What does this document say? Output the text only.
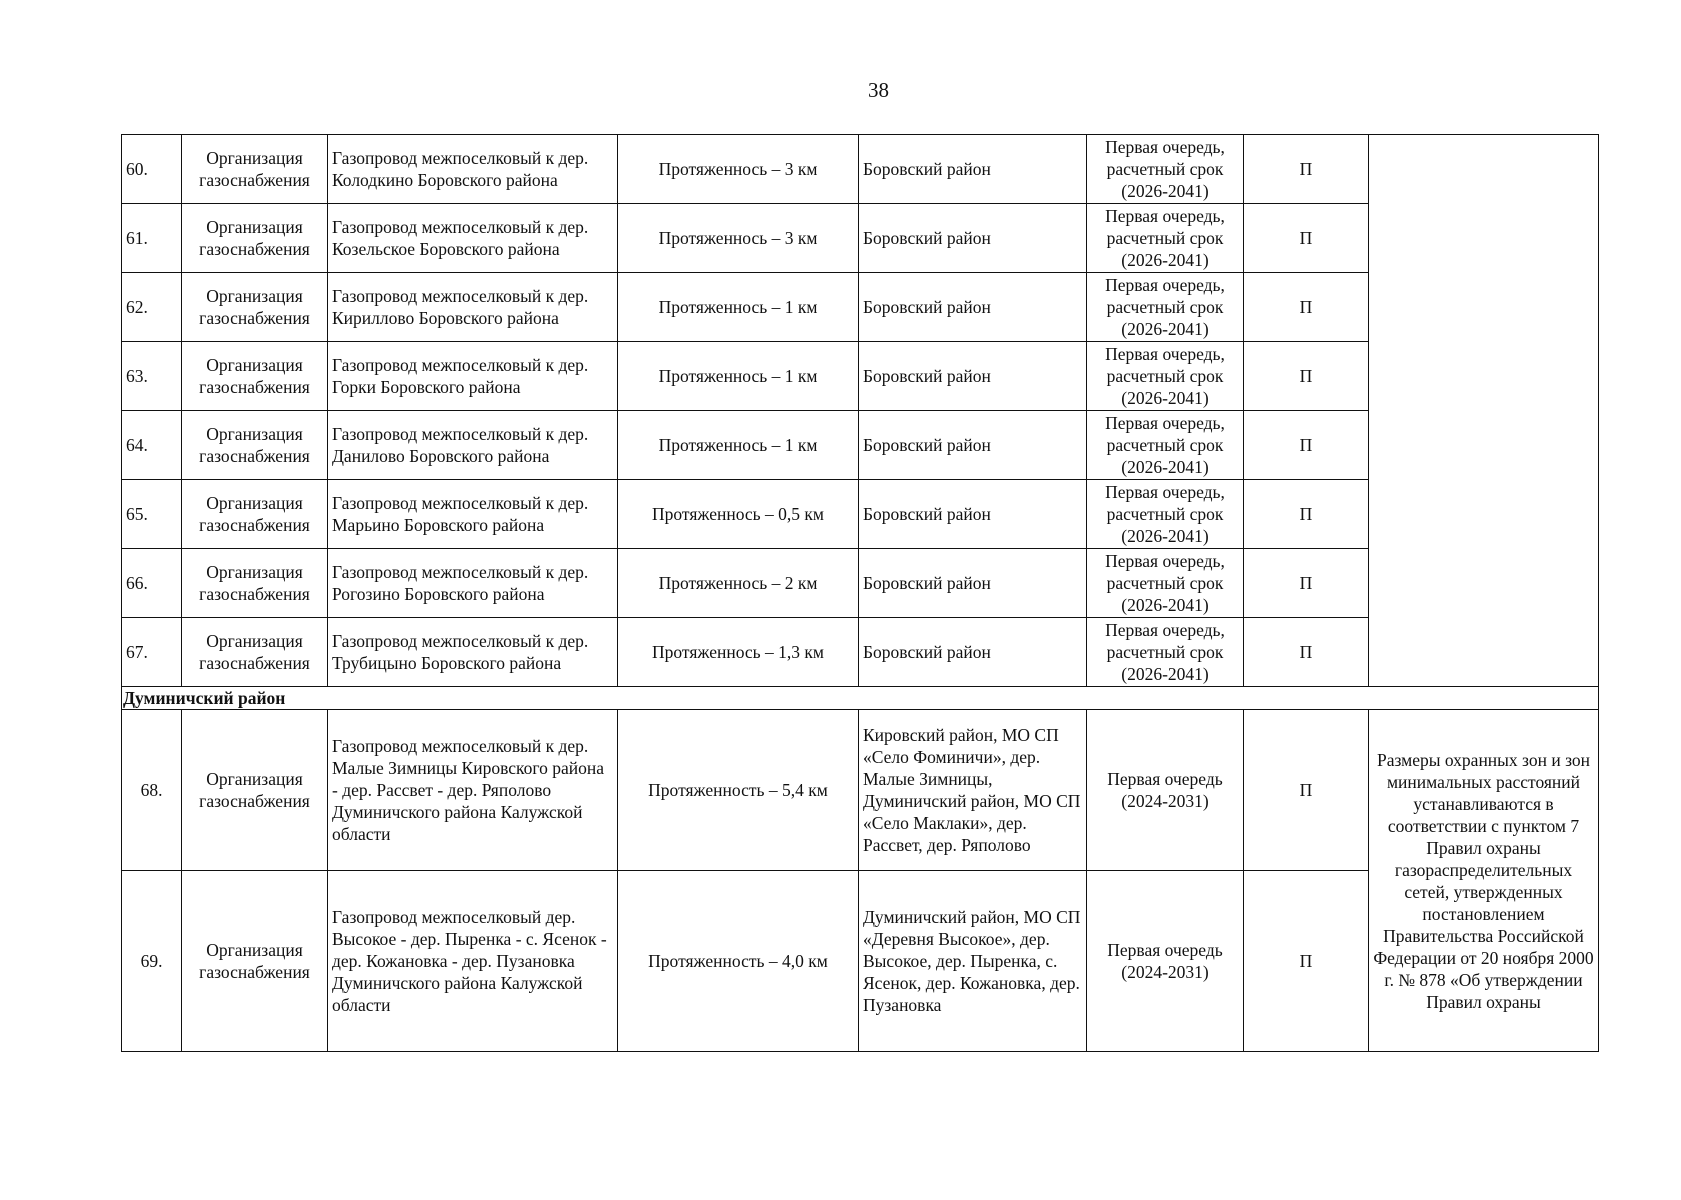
38
60.	Организация газоснабжения	Газопровод межпоселковый к дер. Колодкино Боровского района	Протяженнось – 3 км	Боровский район	Первая очередь, расчетный срок (2026-2041)	П	
61.	Организация газоснабжения	Газопровод межпоселковый к дер. Козельское Боровского района	Протяженнось – 3 км	Боровский район	Первая очередь, расчетный срок (2026-2041)	П	
62.	Организация газоснабжения	Газопровод межпоселковый к дер. Кириллово Боровского района	Протяженнось – 1 км	Боровский район	Первая очередь, расчетный срок (2026-2041)	П	
63.	Организация газоснабжения	Газопровод межпоселковый к дер. Горки Боровского района	Протяженнось – 1 км	Боровский район	Первая очередь, расчетный срок (2026-2041)	П	
64.	Организация газоснабжения	Газопровод межпоселковый к дер. Данилово Боровского района	Протяженнось – 1 км	Боровский район	Первая очередь, расчетный срок (2026-2041)	П	
65.	Организация газоснабжения	Газопровод межпоселковый к дер. Марьино Боровского района	Протяженнось – 0,5 км	Боровский район	Первая очередь, расчетный срок (2026-2041)	П	
66.	Организация газоснабжения	Газопровод межпоселковый к дер. Рогозино Боровского района	Протяженнось – 2 км	Боровский район	Первая очередь, расчетный срок (2026-2041)	П	
67.	Организация газоснабжения	Газопровод межпоселковый к дер. Трубицыно Боровского района	Протяженнось – 1,3 км	Боровский район	Первая очередь, расчетный срок (2026-2041)	П	
Думиничский район							
68.	Организация газоснабжения	Газопровод межпоселковый к дер. Малые Зимницы Кировского района - дер. Рассвет - дер. Ряполово Думиничского района Калужской области	Протяженность – 5,4 км	Кировский район, МО СП «Село Фоминичи», дер. Малые Зимницы, Думиничский район, МО СП «Село Маклаки», дер. Рассвет, дер. Ряполово	Первая очередь (2024-2031)	П	Размеры охранных зон и зон минимальных расстояний устанавливаются в соответствии с пунктом 7 Правил охраны газораспределительных сетей, утвержденных постановлением Правительства Российской Федерации от 20 ноября 2000 г. № 878 «Об утверждении Правил охраны
69.	Организация газоснабжения	Газопровод межпоселковый дер. Высокое - дер. Пыренка - с. Ясенок - дер. Кожановка - дер. Пузановка Думиничского района Калужской области	Протяженность – 4,0 км	Думиничский район, МО СП «Деревня Высокое», дер. Высокое, дер. Пыренка, с. Ясенок, дер. Кожановка, дер. Пузановка	Первая очередь (2024-2031)	П	
